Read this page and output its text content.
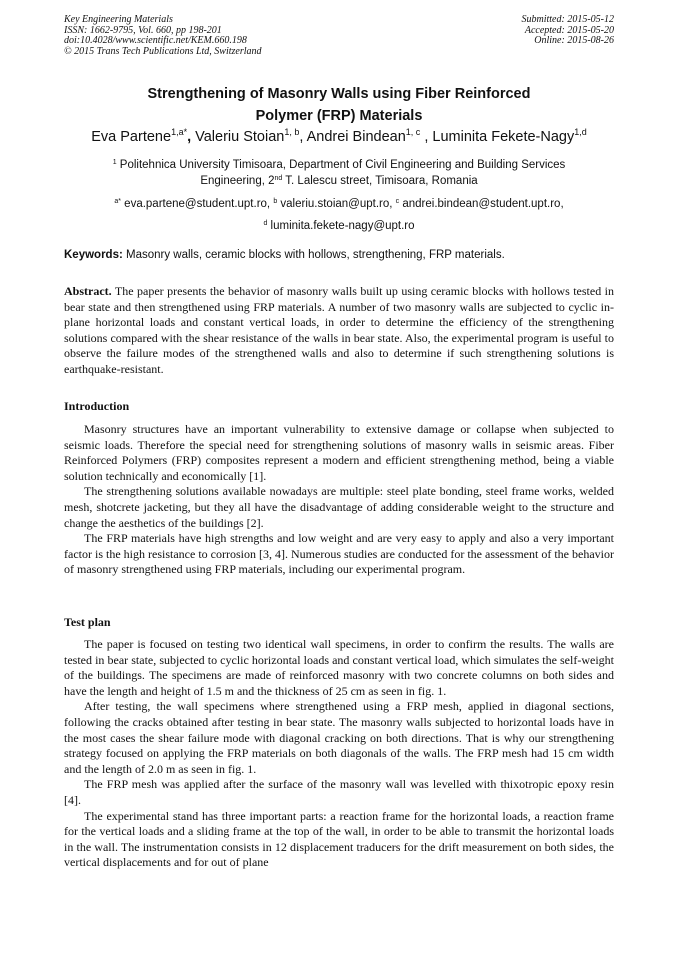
Key Engineering Materials
ISSN: 1662-9795, Vol. 660, pp 198-201
doi:10.4028/www.scientific.net/KEM.660.198
© 2015 Trans Tech Publications Ltd, Switzerland
Submitted: 2015-05-12
Accepted: 2015-05-20
Online: 2015-08-26
Strengthening of Masonry Walls using Fiber Reinforced
Polymer (FRP) Materials
Eva Partene$^{1,a*}$, Valeriu Stoian$^{1, b}$, Andrei Bindean$^{1, c}$ , Luminita Fekete-Nagy$^{1,d}$
$^1$ Politehnica University Timisoara, Department of Civil Engineering and Building Services
Engineering, 2nd T. Lalescu street, Timisoara, Romania
$^{a*}$ eva.partene@student.upt.ro, $^b$ valeriu.stoian@upt.ro, $^c$ andrei.bindean@student.upt.ro,
$^d$ luminita.fekete-nagy@upt.ro
Keywords: Masonry walls, ceramic blocks with hollows, strengthening, FRP materials.

Abstract. The paper presents the behavior of masonry walls built up using ceramic blocks with hollows tested in bear state and then strengthened using FRP materials. A number of two masonry walls are subjected to cyclic in-plane horizontal loads and constant vertical loads, in order to determine the efficiency of the strengthening solutions compared with the shear resistance of the walls in bear state. Also, the experimental program is useful to observe the failure modes of the strengthened walls and also to determine if such strengthening solutions is earthquake-resistant.

Introduction

Masonry structures have an important vulnerability to extensive damage or collapse when subjected to seismic loads. Therefore the special need for strengthening solutions of masonry walls in seismic areas. Fiber Reinforced Polymers (FRP) composites represent a modern and efficient strengthening method, being a viable solution technically and economically [1].

The strengthening solutions available nowadays are multiple: steel plate bonding, steel frame works, welded mesh, shotcrete jacketing, but they all have the disadvantage of adding considerable weight to the structure and change the aesthetics of the buildings [2].

The FRP materials have high strengths and low weight and are very easy to apply and also a very important factor is the high resistance to corrosion [3, 4]. Numerous studies are conducted for the assessment of the behavior of masonry strengthened using FRP materials, including our experimental program.

Test plan

The paper is focused on testing two identical wall specimens, in order to confirm the results. The walls are tested in bear state, subjected to cyclic horizontal loads and constant vertical load, which simulates the self-weight of the buildings. The specimens are made of reinforced masonry with two concrete columns on both sides and have the length and height of 1.5 m and the thickness of 25 cm as seen in fig. 1.

After testing, the wall specimens where strengthened using a FRP mesh, applied in diagonal sections, following the cracks obtained after testing in bear state. The masonry walls subjected to horizontal loads have in the most cases the shear failure mode with diagonal cracking on both directions. That is why our strengthening strategy focused on applying the FRP materials on both diagonals of the walls. The FRP mesh had 15 cm width and the length of 2.0 m as seen in fig. 1.

The FRP mesh was applied after the surface of the masonry wall was levelled with thixotropic epoxy resin [4].

The experimental stand has three important parts: a reaction frame for the horizontal loads, a reaction frame for the vertical loads and a sliding frame at the top of the wall, in order to be able to transmit the horizontal loads in the wall. The instrumentation consists in 12 displacement traducers for the drift measurement on both sides, the vertical displacements and for out of plane
